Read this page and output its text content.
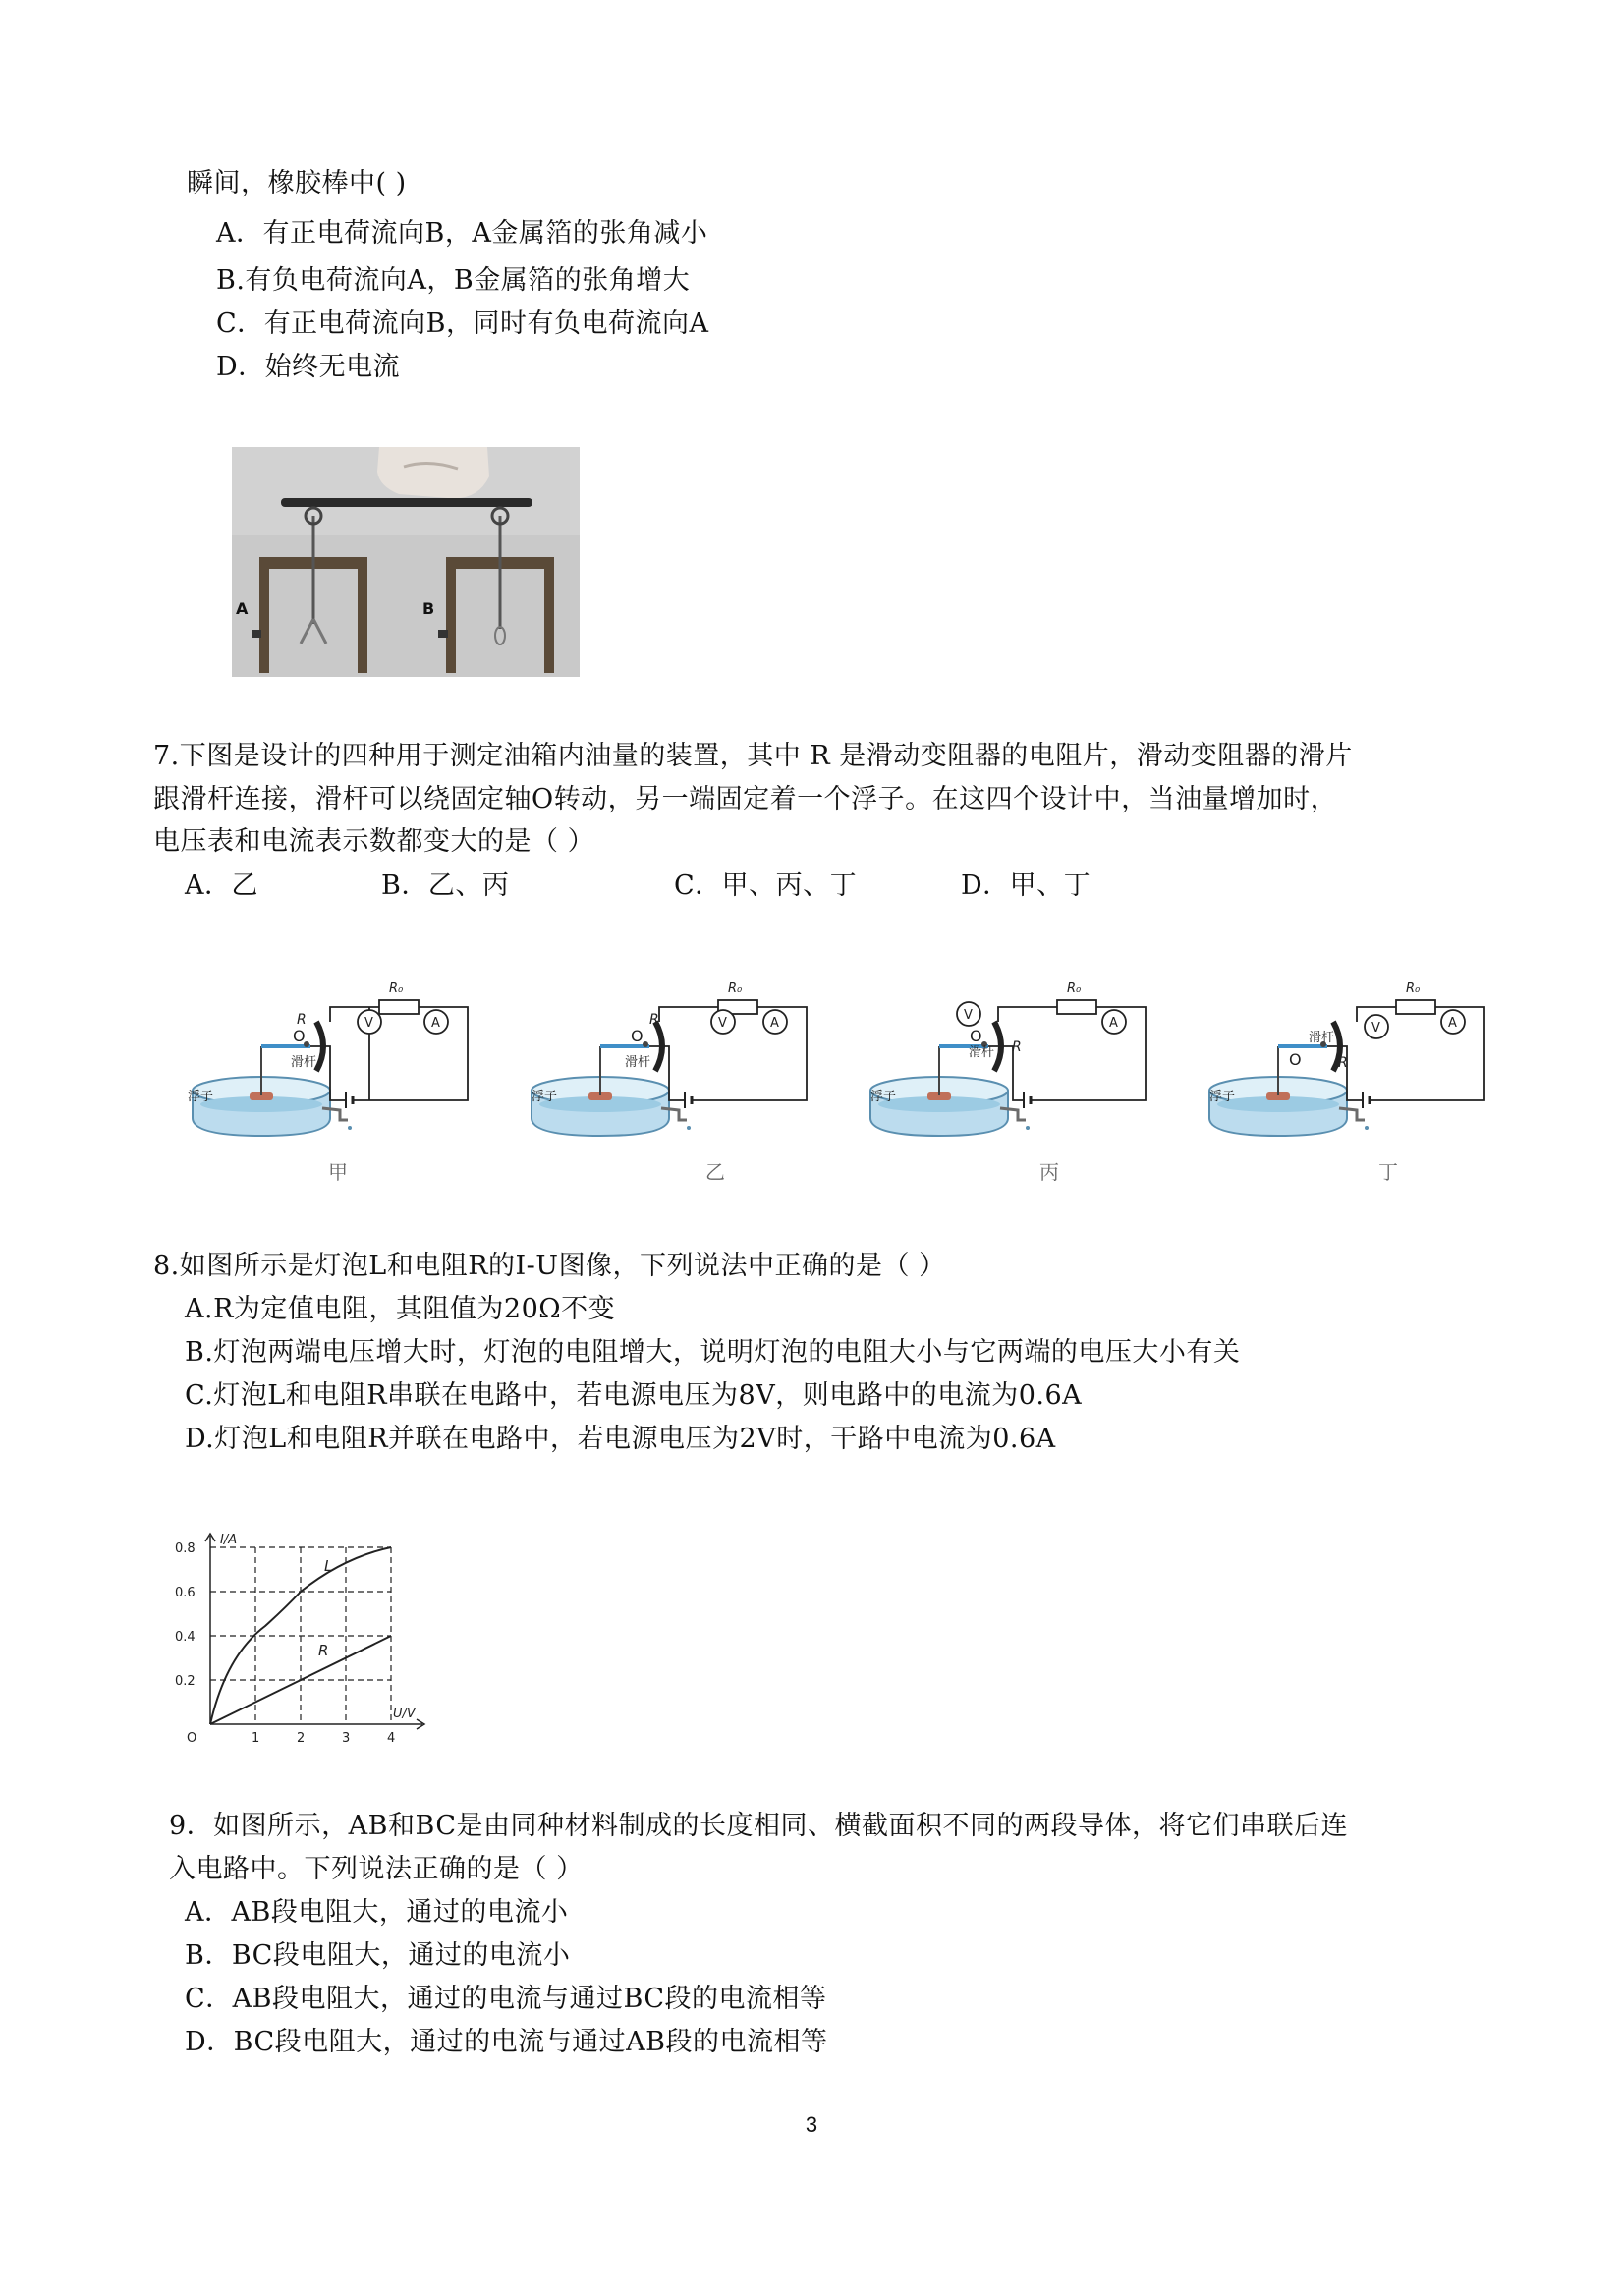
瞬间，橡胶棒中( )
A．有正电荷流向B，A金属箔的张角减小
B.有负电荷流向A，B金属箔的张角增大
C．有正电荷流向B，同时有负电荷流向A
D．始终无电流
A	B
7.下图是设计的四种用于测定油箱内油量的装置，其中 R 是滑动变阻器的电阻片，滑动变阻器的滑片
跟滑杆连接，滑杆可以绕固定轴O转动，另一端固定着一个浮子。在这四个设计中，当油量增加时，
电压表和电流表示数都变大的是（ ）
A．乙	B．乙、丙	C．甲、丙、丁	D．甲、丁
浮子	浮子	浮子	浮子
滑杆	滑杆
滑杆
滑杆
O	O	O
O
R	R
R
R
R₀	R₀	R₀	R₀
V	V
V
V
A	A	A	A
甲	乙	丙	丁
8.如图所示是灯泡L和电阻R的I-U图像，下列说法中正确的是（ ）
A.R为定值电阻，其阻值为20Ω不变
B.灯泡两端电压增大时，灯泡的电阻增大，说明灯泡的电阻大小与它两端的电压大小有关
C.灯泡L和电阻R串联在电路中，若电源电压为8V，则电路中的电流为0.6A
D.灯泡L和电阻R并联在电路中，若电源电压为2V时，干路中电流为0.6A
I/A
U/V
O
0.8
0.6
0.4
0.2
1	2	3	4
L
R
9．如图所示，AB和BC是由同种材料制成的长度相同、横截面积不同的两段导体，将它们串联后连
入电路中。下列说法正确的是（ ）
A．AB段电阻大，通过的电流小
B．BC段电阻大，通过的电流小
C．AB段电阻大，通过的电流与通过BC段的电流相等
D．BC段电阻大，通过的电流与通过AB段的电流相等
3
